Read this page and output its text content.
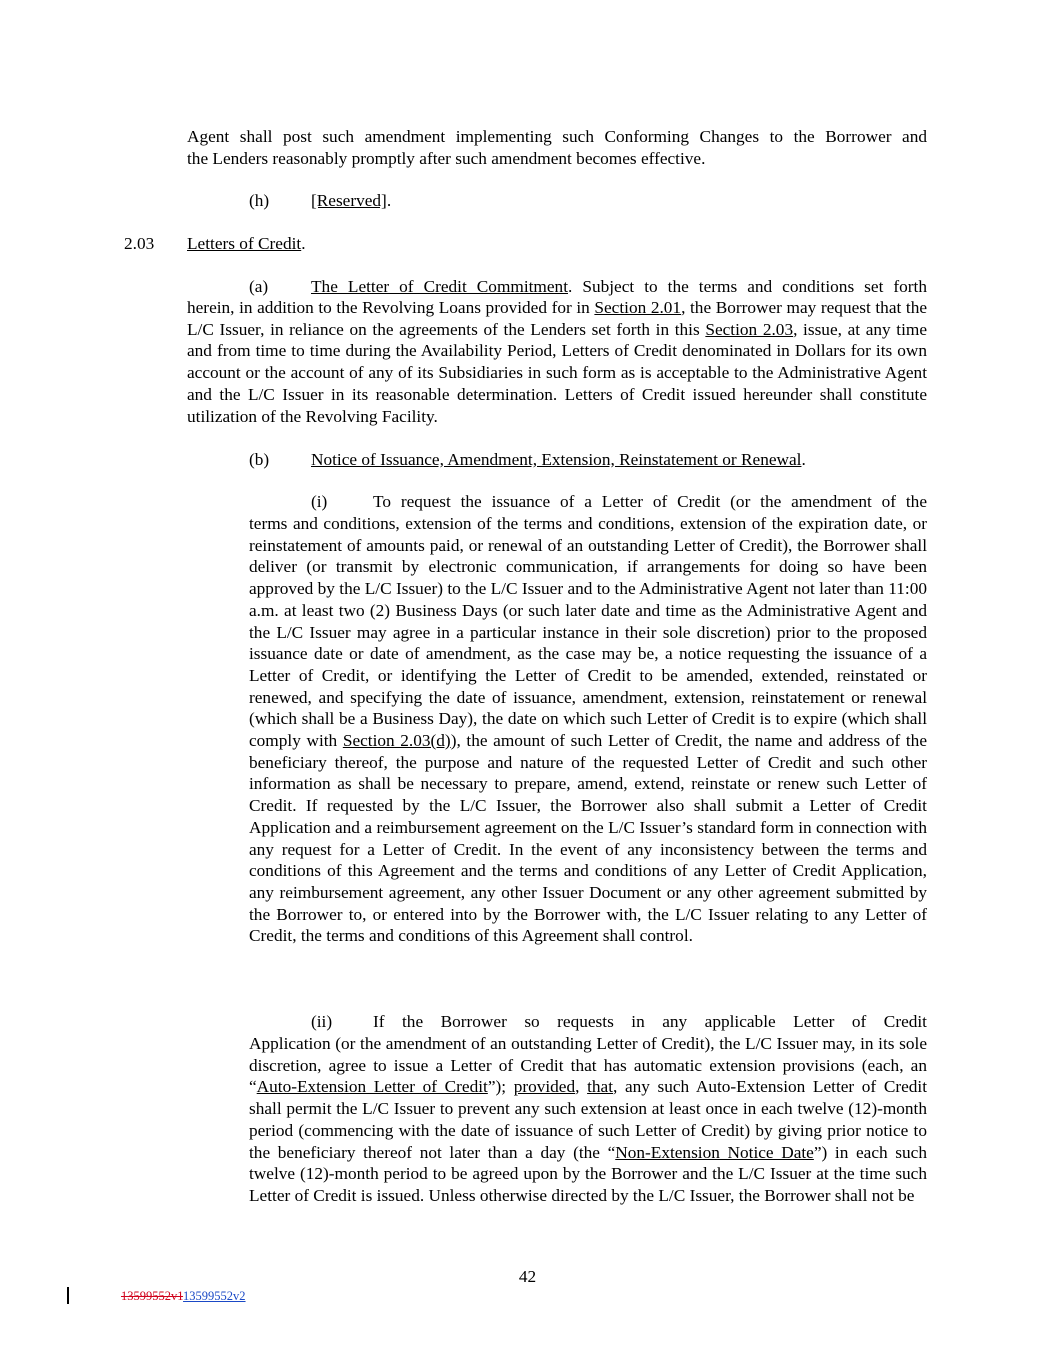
Agent shall post such amendment implementing such Conforming Changes to the Borrower and

the Lenders reasonably promptly after such amendment becomes effective.

(h) [Reserved].
2.03 Letters of Credit.
(a) The Letter of Credit Commitment. Subject to the terms and conditions set forth
herein, in addition to the Revolving Loans provided for in Section 2.01, the Borrower may request that the L/C Issuer, in reliance on the agreements of the Lenders set forth in this Section 2.03, issue, at any time and from time to time during the Availability Period, Letters of Credit denominated in Dollars for its own account or the account of any of its Subsidiaries in such form as is acceptable to the Administrative Agent and the L/C Issuer in its reasonable determination. Letters of Credit issued hereunder shall constitute utilization of the Revolving Facility.
(b) Notice of Issuance, Amendment, Extension, Reinstatement or Renewal.
(i)	To request the issuance of a Letter of Credit (or the amendment of the
terms and conditions, extension of the terms and conditions, extension of the expiration date, or reinstatement of amounts paid, or renewal of an outstanding Letter of Credit), the Borrower shall deliver (or transmit by electronic communication, if arrangements for doing so have been approved by the L/C Issuer) to the L/C Issuer and to the Administrative Agent not later than 11:00 a.m. at least two (2) Business Days (or such later date and time as the Administrative Agent and the L/C Issuer may agree in a particular instance in their sole discretion) prior to the proposed issuance date or date of amendment, as the case may be, a notice requesting the issuance of a Letter of Credit, or identifying the Letter of Credit to be amended, extended, reinstated or renewed, and specifying the date of issuance, amendment, extension, reinstatement or renewal (which shall be a Business Day), the date on which such Letter of Credit is to expire (which shall comply with Section 2.03(d)), the amount of such Letter of Credit, the name and address of the beneficiary thereof, the purpose and nature of the requested Letter of Credit and such other information as shall be necessary to prepare, amend, extend, reinstate or renew such Letter of Credit. If requested by the L/C Issuer, the Borrower also shall submit a Letter of Credit Application and a reimbursement agreement on the L/C Issuer’s standard form in connection with any request for a Letter of Credit. In the event of any inconsistency between the terms and conditions of this Agreement and the terms and conditions of any Letter of Credit Application, any reimbursement agreement, any other Issuer Document or any other agreement submitted by the Borrower to, or entered into by the Borrower with, the L/C Issuer relating to any Letter of Credit, the terms and conditions of this Agreement shall control.
(ii) If the Borrower so requests in any applicable Letter of Credit
Application (or the amendment of an outstanding Letter of Credit), the L/C Issuer may, in its sole discretion, agree to issue a Letter of Credit that has automatic extension provisions (each, an “Auto-Extension Letter of Credit”); provided, that, any such Auto-Extension Letter of Credit shall permit the L/C Issuer to prevent any such extension at least once in each twelve (12)-month period (commencing with the date of issuance of such Letter of Credit) by giving prior notice to the beneficiary thereof not later than a day (the “Non-Extension Notice Date”) in each such twelve (12)-month period to be agreed upon by the Borrower and the L/C Issuer at the time such Letter of Credit is issued. Unless otherwise directed by the L/C Issuer, the Borrower shall not be
42
13599552v113599552v2
